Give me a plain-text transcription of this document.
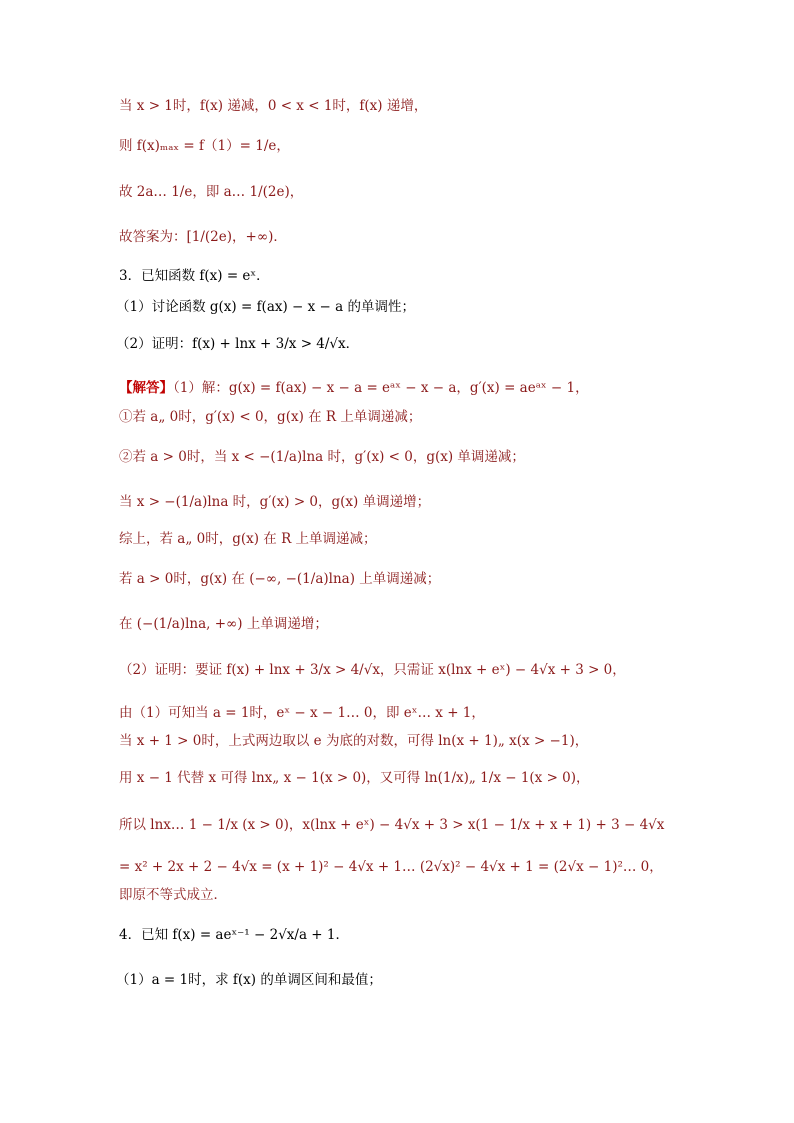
当 x > 1时，f(x) 递减，0 < x < 1时，f(x) 递增，
则 f(x)ₘₐₓ = f（1）= 1/e，
故 2a… 1/e，即 a… 1/(2e)，
故答案为：[1/(2e)，+∞)．
3．已知函数 f(x) = eˣ．
（1）讨论函数 g(x) = f(ax) − x − a 的单调性；
（2）证明：f(x) + lnx + 3/x > 4/√x．
【解答】（1）解：g(x) = f(ax) − x − a = eᵃˣ − x − a，g′(x) = aeᵃˣ − 1，
①若 a„ 0时，g′(x) < 0，g(x) 在 R 上单调递减；
②若 a > 0时，当 x < −(1/a)lna 时，g′(x) < 0，g(x) 单调递减；
当 x > −(1/a)lna 时，g′(x) > 0，g(x) 单调递增；
综上，若 a„ 0时，g(x) 在 R 上单调递减；
若 a > 0时，g(x) 在 (−∞, −(1/a)lna) 上单调递减；
在 (−(1/a)lna, +∞) 上单调递增；
（2）证明：要证 f(x) + lnx + 3/x > 4/√x，只需证 x(lnx + eˣ) − 4√x + 3 > 0，
由（1）可知当 a = 1时，eˣ − x − 1… 0，即 eˣ… x + 1，
当 x + 1 > 0时，上式两边取以 e 为底的对数，可得 ln(x + 1)„ x(x > −1)，
用 x − 1 代替 x 可得 lnx„ x − 1(x > 0)，又可得 ln(1/x)„ 1/x − 1(x > 0)，
所以 lnx… 1 − 1/x (x > 0)，x(lnx + eˣ) − 4√x + 3 > x(1 − 1/x + x + 1) + 3 − 4√x
= x² + 2x + 2 − 4√x = (x + 1)² − 4√x + 1… (2√x)² − 4√x + 1 = (2√x − 1)²… 0，
即原不等式成立．
4．已知 f(x) = aeˣ⁻¹ − 2√x/a + 1．
（1）a = 1时，求 f(x) 的单调区间和最值；
